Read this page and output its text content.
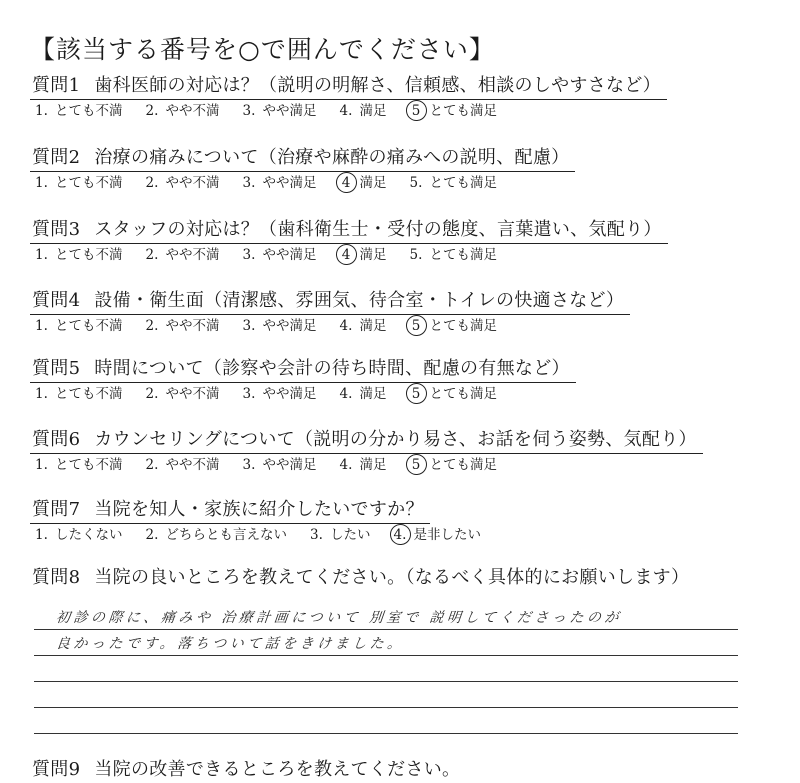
【該当する番号を○で囲んでください】
質問1 歯科医師の対応は？（説明の明解さ、信頼感、相談のしやすさなど）
1. とても不満 2. やや不満 3. やや満足 4. 満足 5 とても満足
質問2 治療の痛みについて（治療や麻酔の痛みへの説明、配慮）
1. とても不満 2. やや不満 3. やや満足 4 満足 5. とても満足
質問3 スタッフの対応は？（歯科衛生士・受付の態度、言葉遣い、気配り）
1. とても不満 2. やや不満 3. やや満足 4 満足 5. とても満足
質問4 設備・衛生面（清潔感、雰囲気、待合室・トイレの快適さなど）
1. とても不満 2. やや不満 3. やや満足 4. 満足 5 とても満足
質問5 時間について（診察や会計の待ち時間、配慮の有無など）
1. とても不満 2. やや不満 3. やや満足 4. 満足 5 とても満足
質問6 カウンセリングについて（説明の分かり易さ、お話を伺う姿勢、気配り）
1. とても不満 2. やや不満 3. やや満足 4. 満足 5 とても満足
質問7 当院を知人・家族に紹介したいですか？
1. したくない 2. どちらとも言えない 3. したい 4. 是非したい
質問8 当院の良いところを教えてください。（なるべく具体的にお願いします）
初診の際に、痛みや 治療計画について 別室で 説明してくださったのが
良かったです。落ちついて話をきけました。
質問9 当院の改善できるところを教えてください。
